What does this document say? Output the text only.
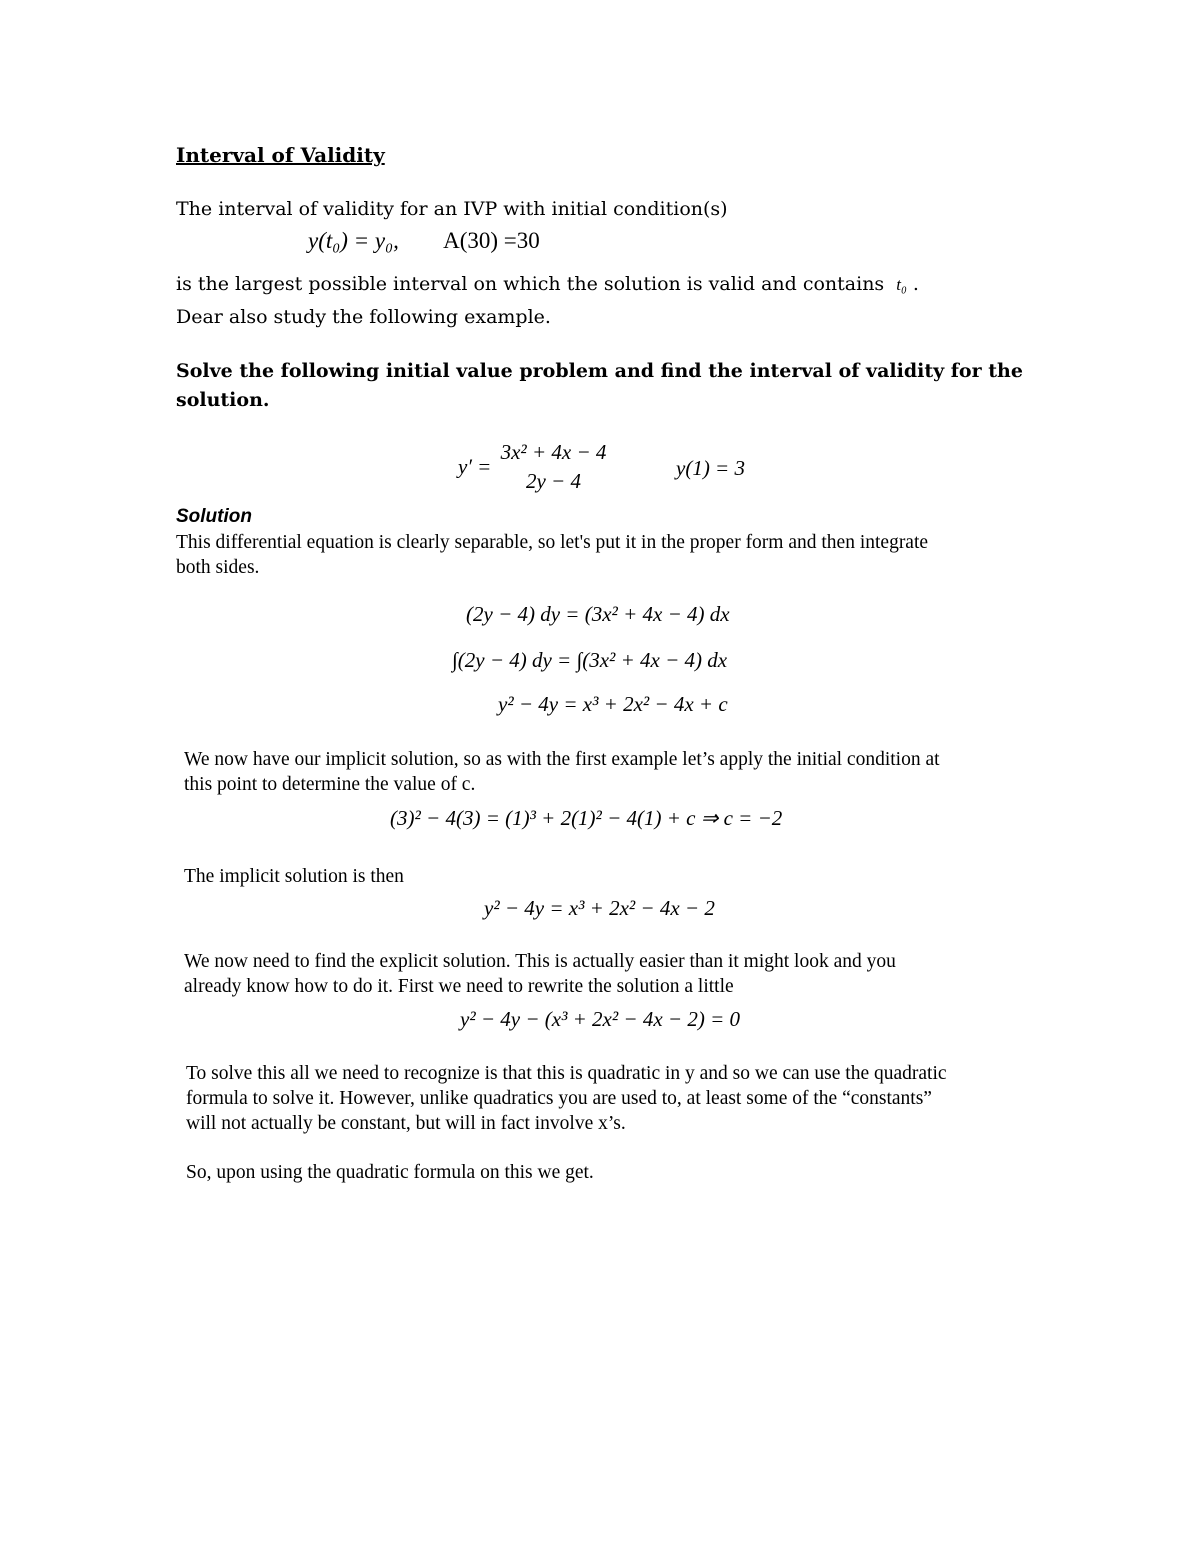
Interval of Validity
The interval of validity for an IVP with initial condition(s)
y(t₀) = y₀, A(30) =30
is the largest possible interval on which the solution is valid and contains t₀ .
Dear also study the following example.
Solve the following initial value problem and find the interval of validity for the
solution.
y′ =
3x² + 4x − 4
2y − 4
y(1) = 3
Solution
This differential equation is clearly separable, so let's put it in the proper form and then integrate
both sides.
(2y − 4) dy = (3x² + 4x − 4) dx
∫(2y − 4) dy = ∫(3x² + 4x − 4) dx
y² − 4y = x³ + 2x² − 4x + c
We now have our implicit solution, so as with the first example let’s apply the initial condition at
this point to determine the value of c.
(3)² − 4(3) = (1)³ + 2(1)² − 4(1) + c ⇒ c = −2
The implicit solution is then
y² − 4y = x³ + 2x² − 4x − 2
We now need to find the explicit solution. This is actually easier than it might look and you
already know how to do it. First we need to rewrite the solution a little
y² − 4y − (x³ + 2x² − 4x − 2) = 0
To solve this all we need to recognize is that this is quadratic in y and so we can use the quadratic
formula to solve it. However, unlike quadratics you are used to, at least some of the “constants”
will not actually be constant, but will in fact involve x’s.
So, upon using the quadratic formula on this we get.
